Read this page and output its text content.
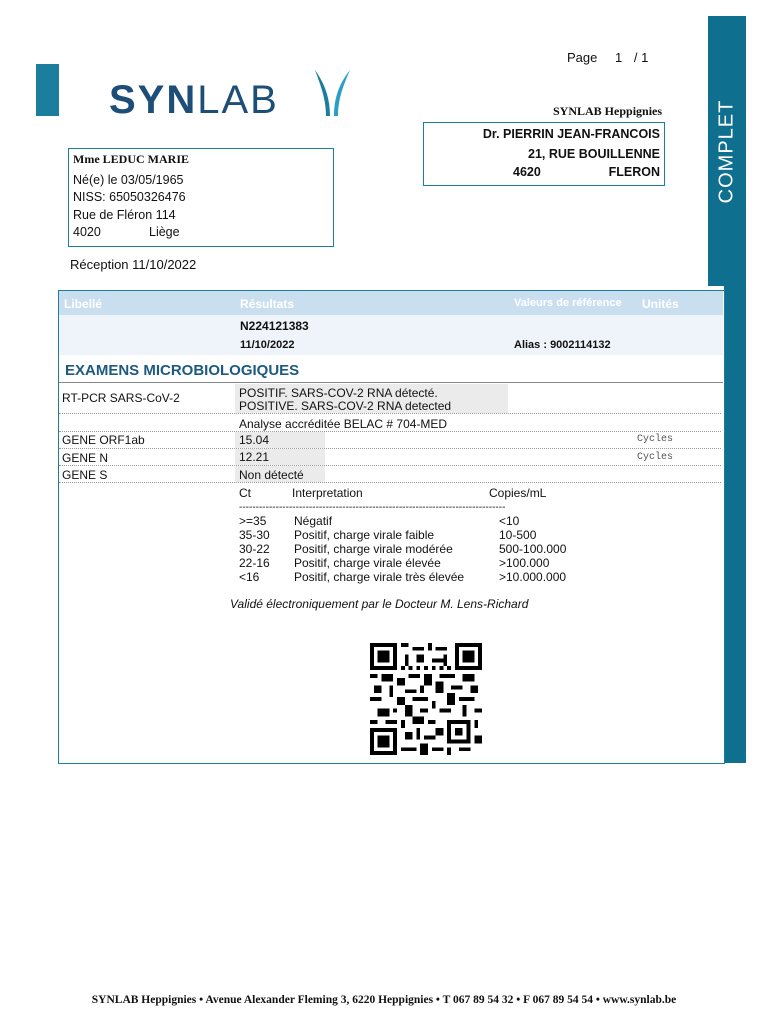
SYNLAB
Page 1 / 1
COMPLET
SYNLAB Heppignies
Dr. PIERRIN JEAN-FRANCOIS
21, RUE BOUILLENNE
4620	FLERON
Mme LEDUC MARIE
Né(e) le 03/05/1965
NISS: 65050326476
Rue de Fléron 114
4020	Liège
Réception 11/10/2022
Libellé	Résultats	Valeurs de référence Unités
N224121383
11/10/2022	Alias : 9002114132
EXAMENS MICROBIOLOGIQUES
RT-PCR SARS-CoV-2	POSITIF. SARS-COV-2 RNA détecté.
POSITIVE. SARS-COV-2 RNA detected
Analyse accréditée BELAC # 704-MED
GENE ORF1ab	15.04	Cycles
GENE N	12.21	Cycles
GENE S	Non détecté
Ct	Interpretation	Copies/mL
--------------------------------------------------------------------------------
>=35 Négatif	<10
35-30 Positif, charge virale faible	10-500
30-22 Positif, charge virale modérée	500-100.000
22-16 Positif, charge virale élevée	>100.000
<16	Positif, charge virale très élevée	>10.000.000
Validé électroniquement par le Docteur M. Lens-Richard
SYNLAB Heppignies • Avenue Alexander Fleming 3, 6220 Heppignies • T 067 89 54 32 • F 067 89 54 54 • www.synlab.be
